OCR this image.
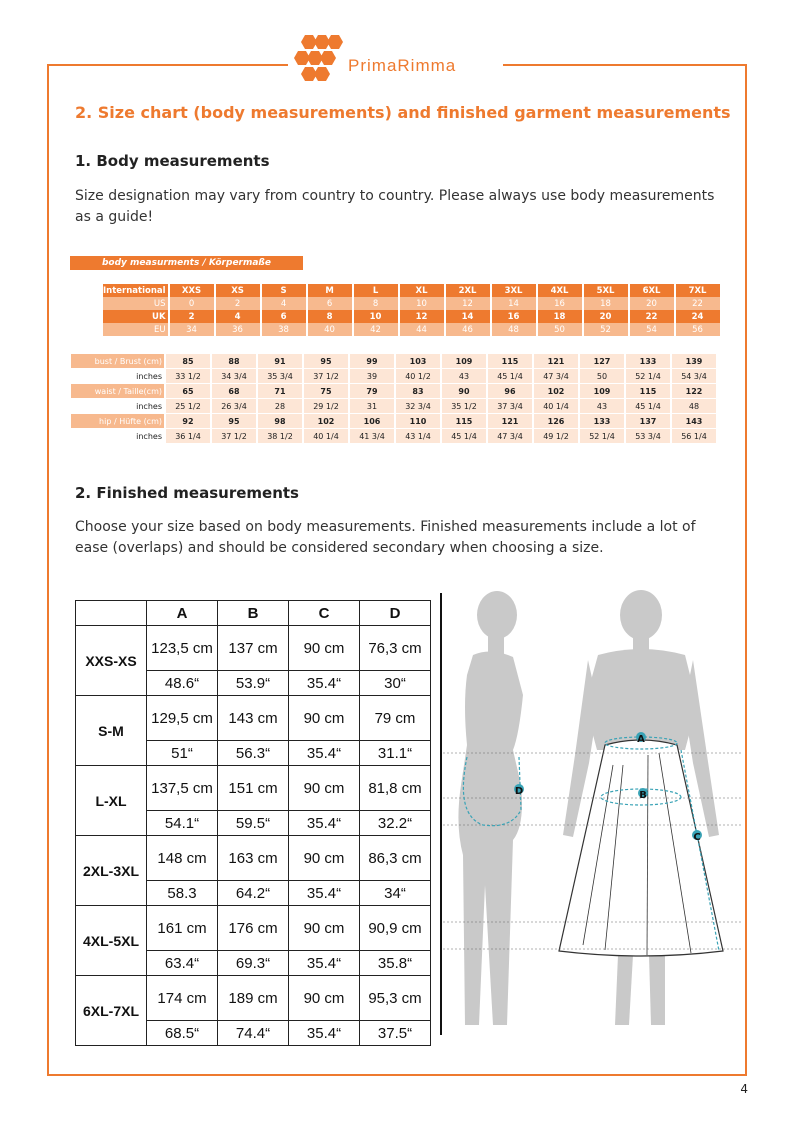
PrimaRimma
2. Size chart (body measurements) and finished garment measurements
1. Body measurements

Size designation may vary from country to country. Please always use body measurements as a guide!

body measurments / Körpermaße
International	XXS	XS	S	M	L	XL	2XL	3XL	4XL	5XL	6XL	7XL
US	0	2	4	6	8	10	12	14	16	18	20	22
UK	2	4	6	8	10	12	14	16	18	20	22	24
EU	34	36	38	40	42	44	46	48	50	52	54	56
bust / Brust (cm)	85	88	91	95	99	103	109	115	121	127	133	139
inches	33 1/2	34 3/4	35 3/4	37 1/2	39	40 1/2	43	45 1/4	47 3/4	50	52 1/4	54 3/4
waist / Taille(cm)	65	68	71	75	79	83	90	96	102	109	115	122
inches	25 1/2	26 3/4	28	29 1/2	31	32 3/4	35 1/2	37 3/4	40 1/4	43	45 1/4	48
hip / Hüfte (cm)	92	95	98	102	106	110	115	121	126	133	137	143
inches	36 1/4	37 1/2	38 1/2	40 1/4	41 3/4	43 1/4	45 1/4	47 3/4	49 1/2	52 1/4	53 3/4	56 1/4
2. Finished measurements

Choose your size based on body measurements. Finished measurements include a lot of ease (overlaps) and should be considered secondary when choosing a size.

	A	B	C	D
XXS-XS	123,5 cm	137 cm	90 cm	76,3 cm
	48.6“	53.9“	35.4“	30“
S-M	129,5 cm	143 cm	90 cm	79 cm
	51“	56.3“	35.4“	31.1“
L-XL	137,5 cm	151 cm	90 cm	81,8 cm
	54.1“	59.5“	35.4“	32.2“
2XL-3XL	148 cm	163 cm	90 cm	86,3 cm
	58.3	64.2“	35.4“	34“
4XL-5XL	161 cm	176 cm	90 cm	90,9 cm
	63.4“	69.3“	35.4“	35.8“
6XL-7XL	174 cm	189 cm	90 cm	95,3 cm
	68.5“	74.4“	35.4“	37.5“
A
B
C
D
4
